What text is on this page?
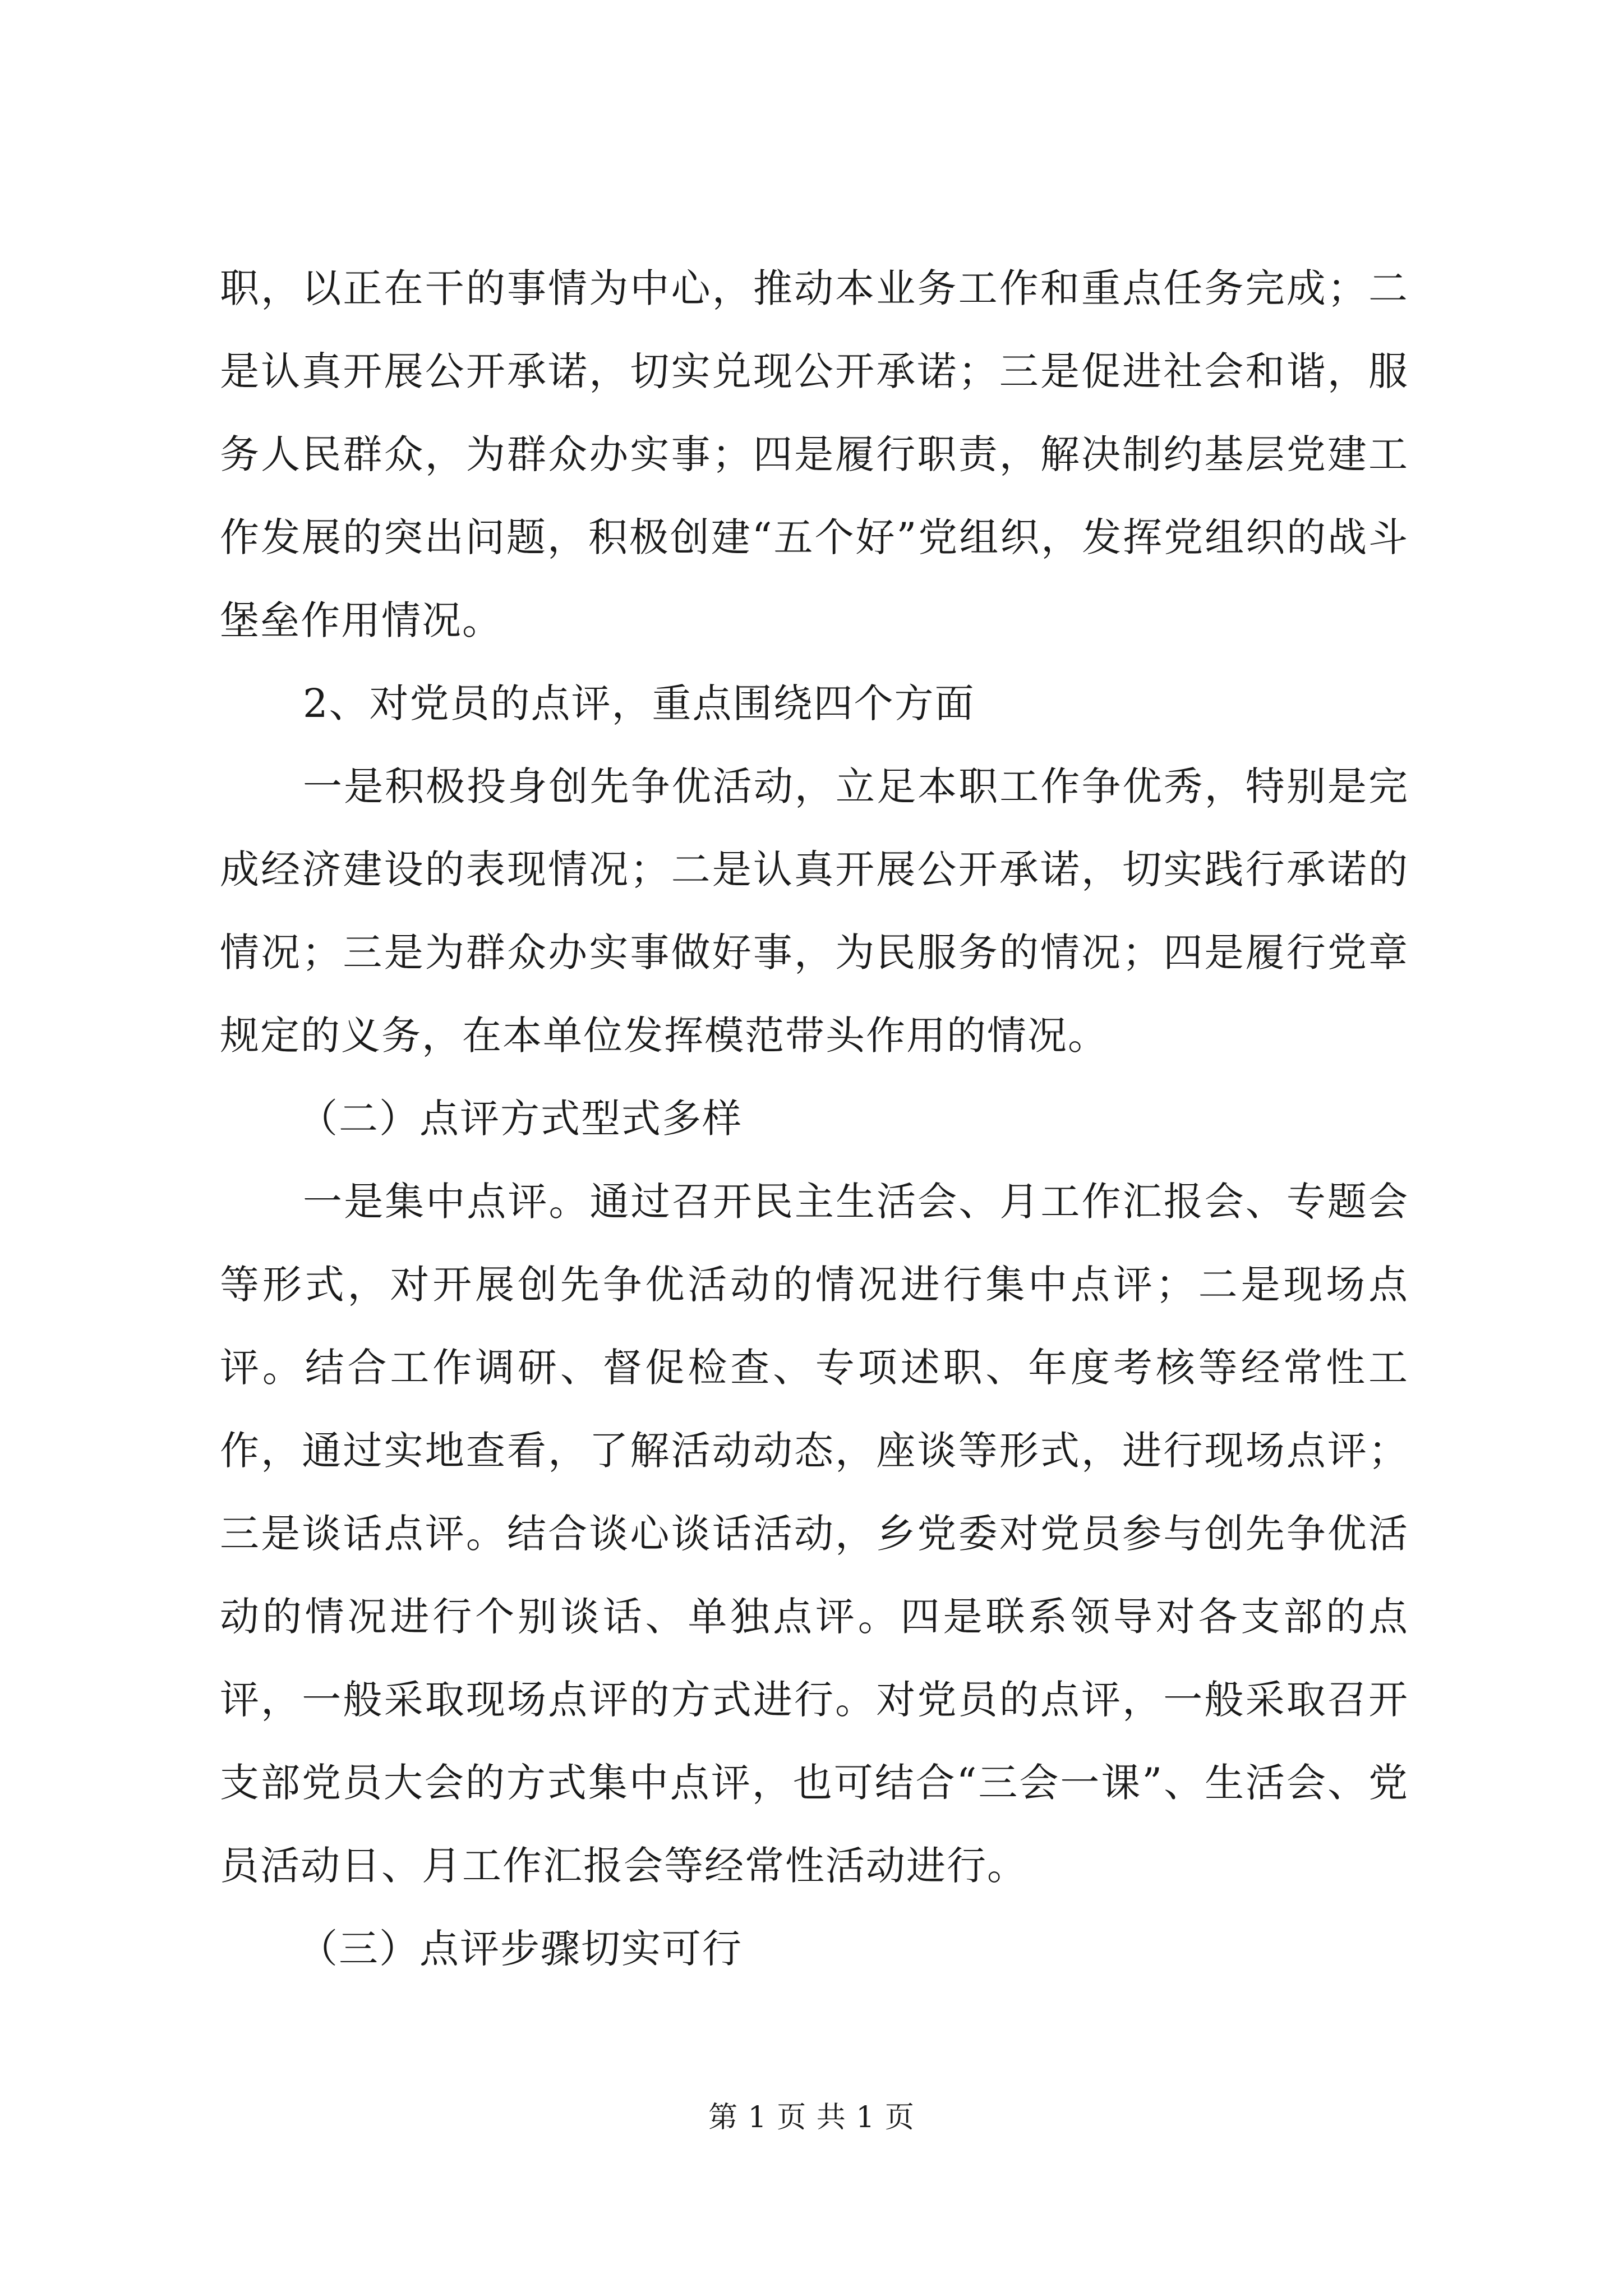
职，以正在干的事情为中心，推动本业务工作和重点任务完成；二是认真开展公开承诺，切实兑现公开承诺；三是促进社会和谐，服务人民群众，为群众办实事；四是履行职责，解决制约基层党建工作发展的突出问题，积极创建“五个好”党组织，发挥党组织的战斗堡垒作用情况。

2、对党员的点评，重点围绕四个方面

一是积极投身创先争优活动，立足本职工作争优秀，特别是完成经济建设的表现情况；二是认真开展公开承诺，切实践行承诺的情况；三是为群众办实事做好事，为民服务的情况；四是履行党章规定的义务，在本单位发挥模范带头作用的情况。

（二）点评方式型式多样

一是集中点评。通过召开民主生活会、月工作汇报会、专题会等形式，对开展创先争优活动的情况进行集中点评；二是现场点评。结合工作调研、督促检查、专项述职、年度考核等经常性工作，通过实地查看，了解活动动态，座谈等形式，进行现场点评；三是谈话点评。结合谈心谈话活动，乡党委对党员参与创先争优活动的情况进行个别谈话、单独点评。四是联系领导对各支部的点评，一般采取现场点评的方式进行。对党员的点评，一般采取召开支部党员大会的方式集中点评，也可结合“三会一课”、生活会、党员活动日、月工作汇报会等经常性活动进行。

（三）点评步骤切实可行

第 1 页 共 1 页
